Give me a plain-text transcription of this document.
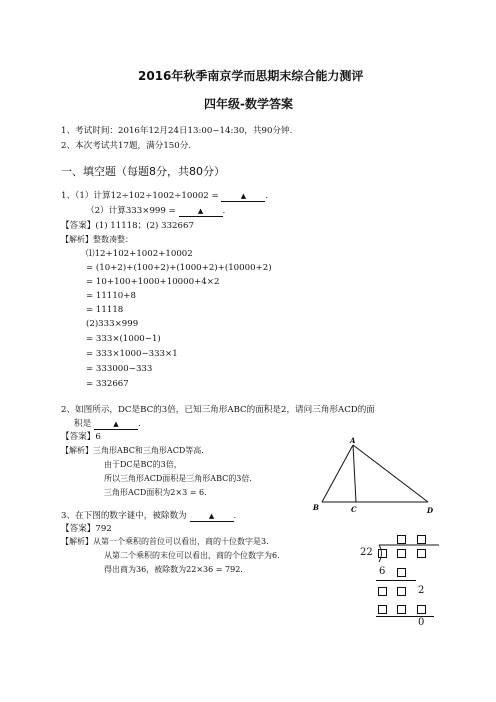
2016年秋季南京学而思期末综合能力测评
四年级-数学答案
1、考试时间：2016年12月24日13:00~14:30，共90分钟.
2、本次考试共17题，满分150分.
一、填空题（每题8分，共80分）
1、（1）计算12÷102÷1002÷10002 =	▲ .
（2）计算333×999 =	▲ .
【答案】(1) 11118；(2) 332667
【解析】整数凑整：
⑴12+102+1002+10002
= (10+2)+(100+2)+(1000+2)+(10000+2)
= 10+100+1000+10000+4×2
= 11110+8
= 11118
(2)333×999
= 333×(1000−1)
= 333×1000−333×1
= 333000−333
= 332667
2、如图所示，DC是BC的3倍，已知三角形ABC的面积是2，请问三角形ACD的面
积是	▲ .
【答案】6
【解析】三角形ABC和三角形ACD等高.
由于DC是BC的3倍，
所以三角形ACD面积是三角形ABC的3倍.
三角形ACD面积为2×3 = 6.
A
B	C	D
3、在下图的数字谜中，被除数为	▲ .
【答案】792
【解析】从第一个乘积的首位可以看出，商的十位数字是3.
从第二个乘积的末位可以看出，商的个位数字为6.
得出商为36，被除数为22×36 = 792.
22
6
2
0
